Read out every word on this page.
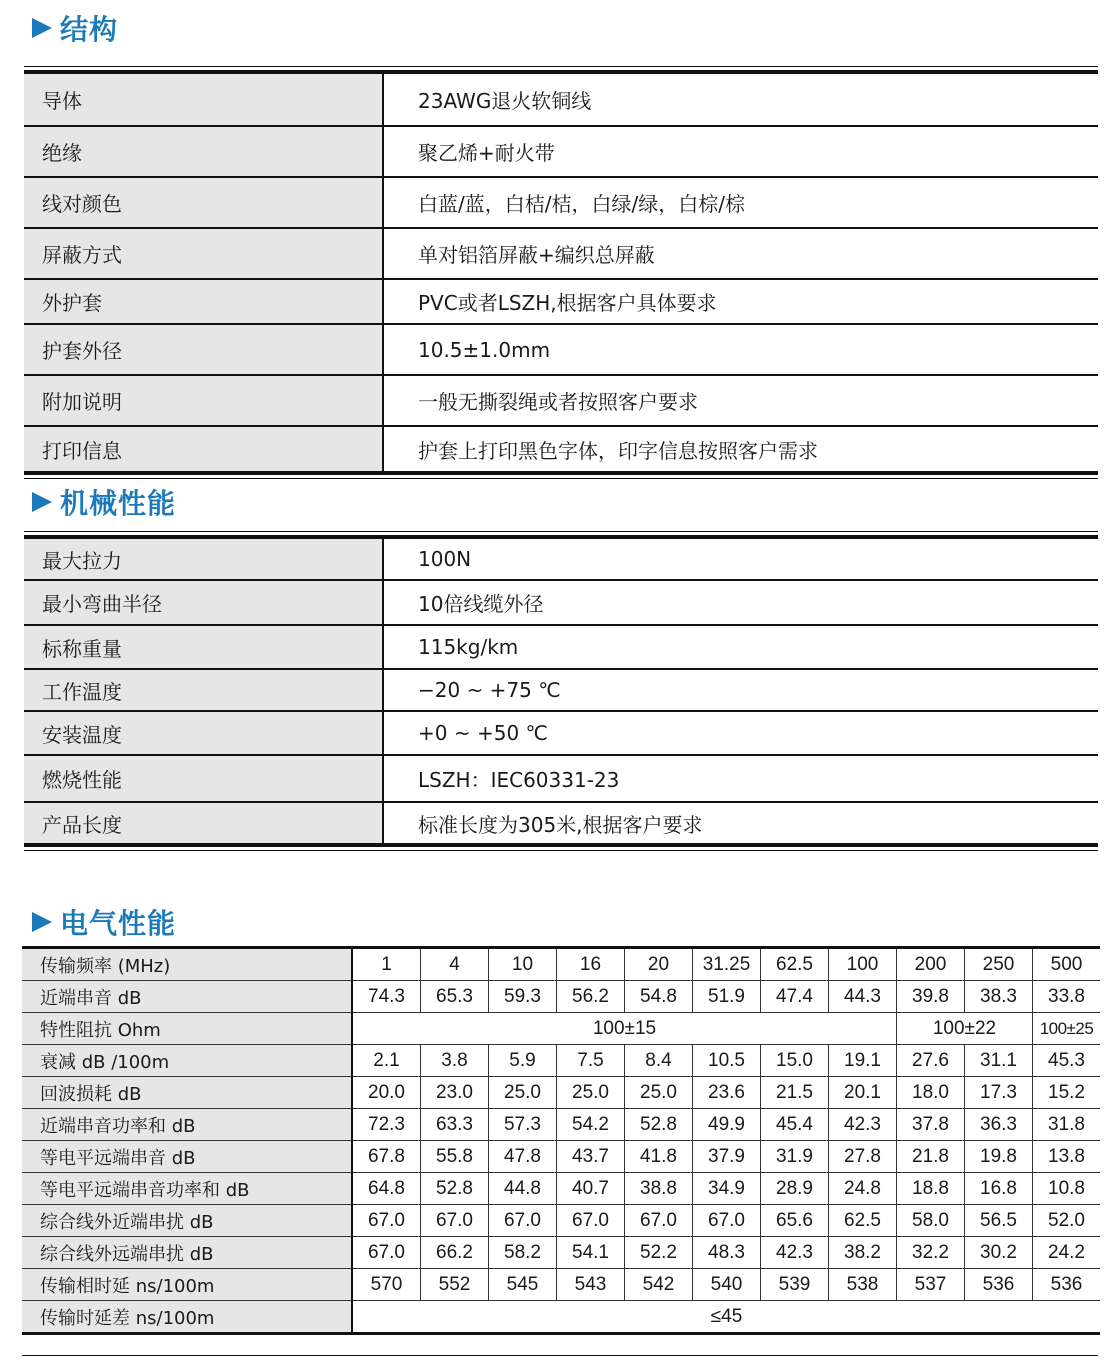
结构
导体	23AWG退火软铜线
绝缘	聚乙烯+耐火带
线对颜色	白蓝/蓝，白桔/桔，白绿/绿，白棕/棕
屏蔽方式	单对铝箔屏蔽+编织总屏蔽
外护套	PVC或者LSZH,根据客户具体要求
护套外径	10.5±1.0mm
附加说明	一般无撕裂绳或者按照客户要求
打印信息	护套上打印黑色字体，印字信息按照客户需求
机械性能
最大拉力	100N
最小弯曲半径	10倍线缆外径
标称重量	115kg/km
工作温度	−20 ~ +75 ℃
安装温度	+0 ~ +50 ℃
燃烧性能	LSZH：IEC60331-23
产品长度	标准长度为305米,根据客户要求
电气性能
传输频率 (MHz)	1	4	10	16	20	31.25	62.5	100	200	250	500
近端串音 dB	74.3	65.3	59.3	56.2	54.8	51.9	47.4	44.3	39.8	38.3	33.8
特性阻抗 Ohm	100±15								100±22		100±25
衰减 dB /100m	2.1	3.8	5.9	7.5	8.4	10.5	15.0	19.1	27.6	31.1	45.3
回波损耗 dB	20.0	23.0	25.0	25.0	25.0	23.6	21.5	20.1	18.0	17.3	15.2
近端串音功率和 dB	72.3	63.3	57.3	54.2	52.8	49.9	45.4	42.3	37.8	36.3	31.8
等电平远端串音 dB	67.8	55.8	47.8	43.7	41.8	37.9	31.9	27.8	21.8	19.8	13.8
等电平远端串音功率和 dB	64.8	52.8	44.8	40.7	38.8	34.9	28.9	24.8	18.8	16.8	10.8
综合线外近端串扰 dB	67.0	67.0	67.0	67.0	67.0	67.0	65.6	62.5	58.0	56.5	52.0
综合线外远端串扰 dB	67.0	66.2	58.2	54.1	52.2	48.3	42.3	38.2	32.2	30.2	24.2
传输相时延 ns/100m	570	552	545	543	542	540	539	538	537	536	536
传输时延差 ns/100m	≤45										
